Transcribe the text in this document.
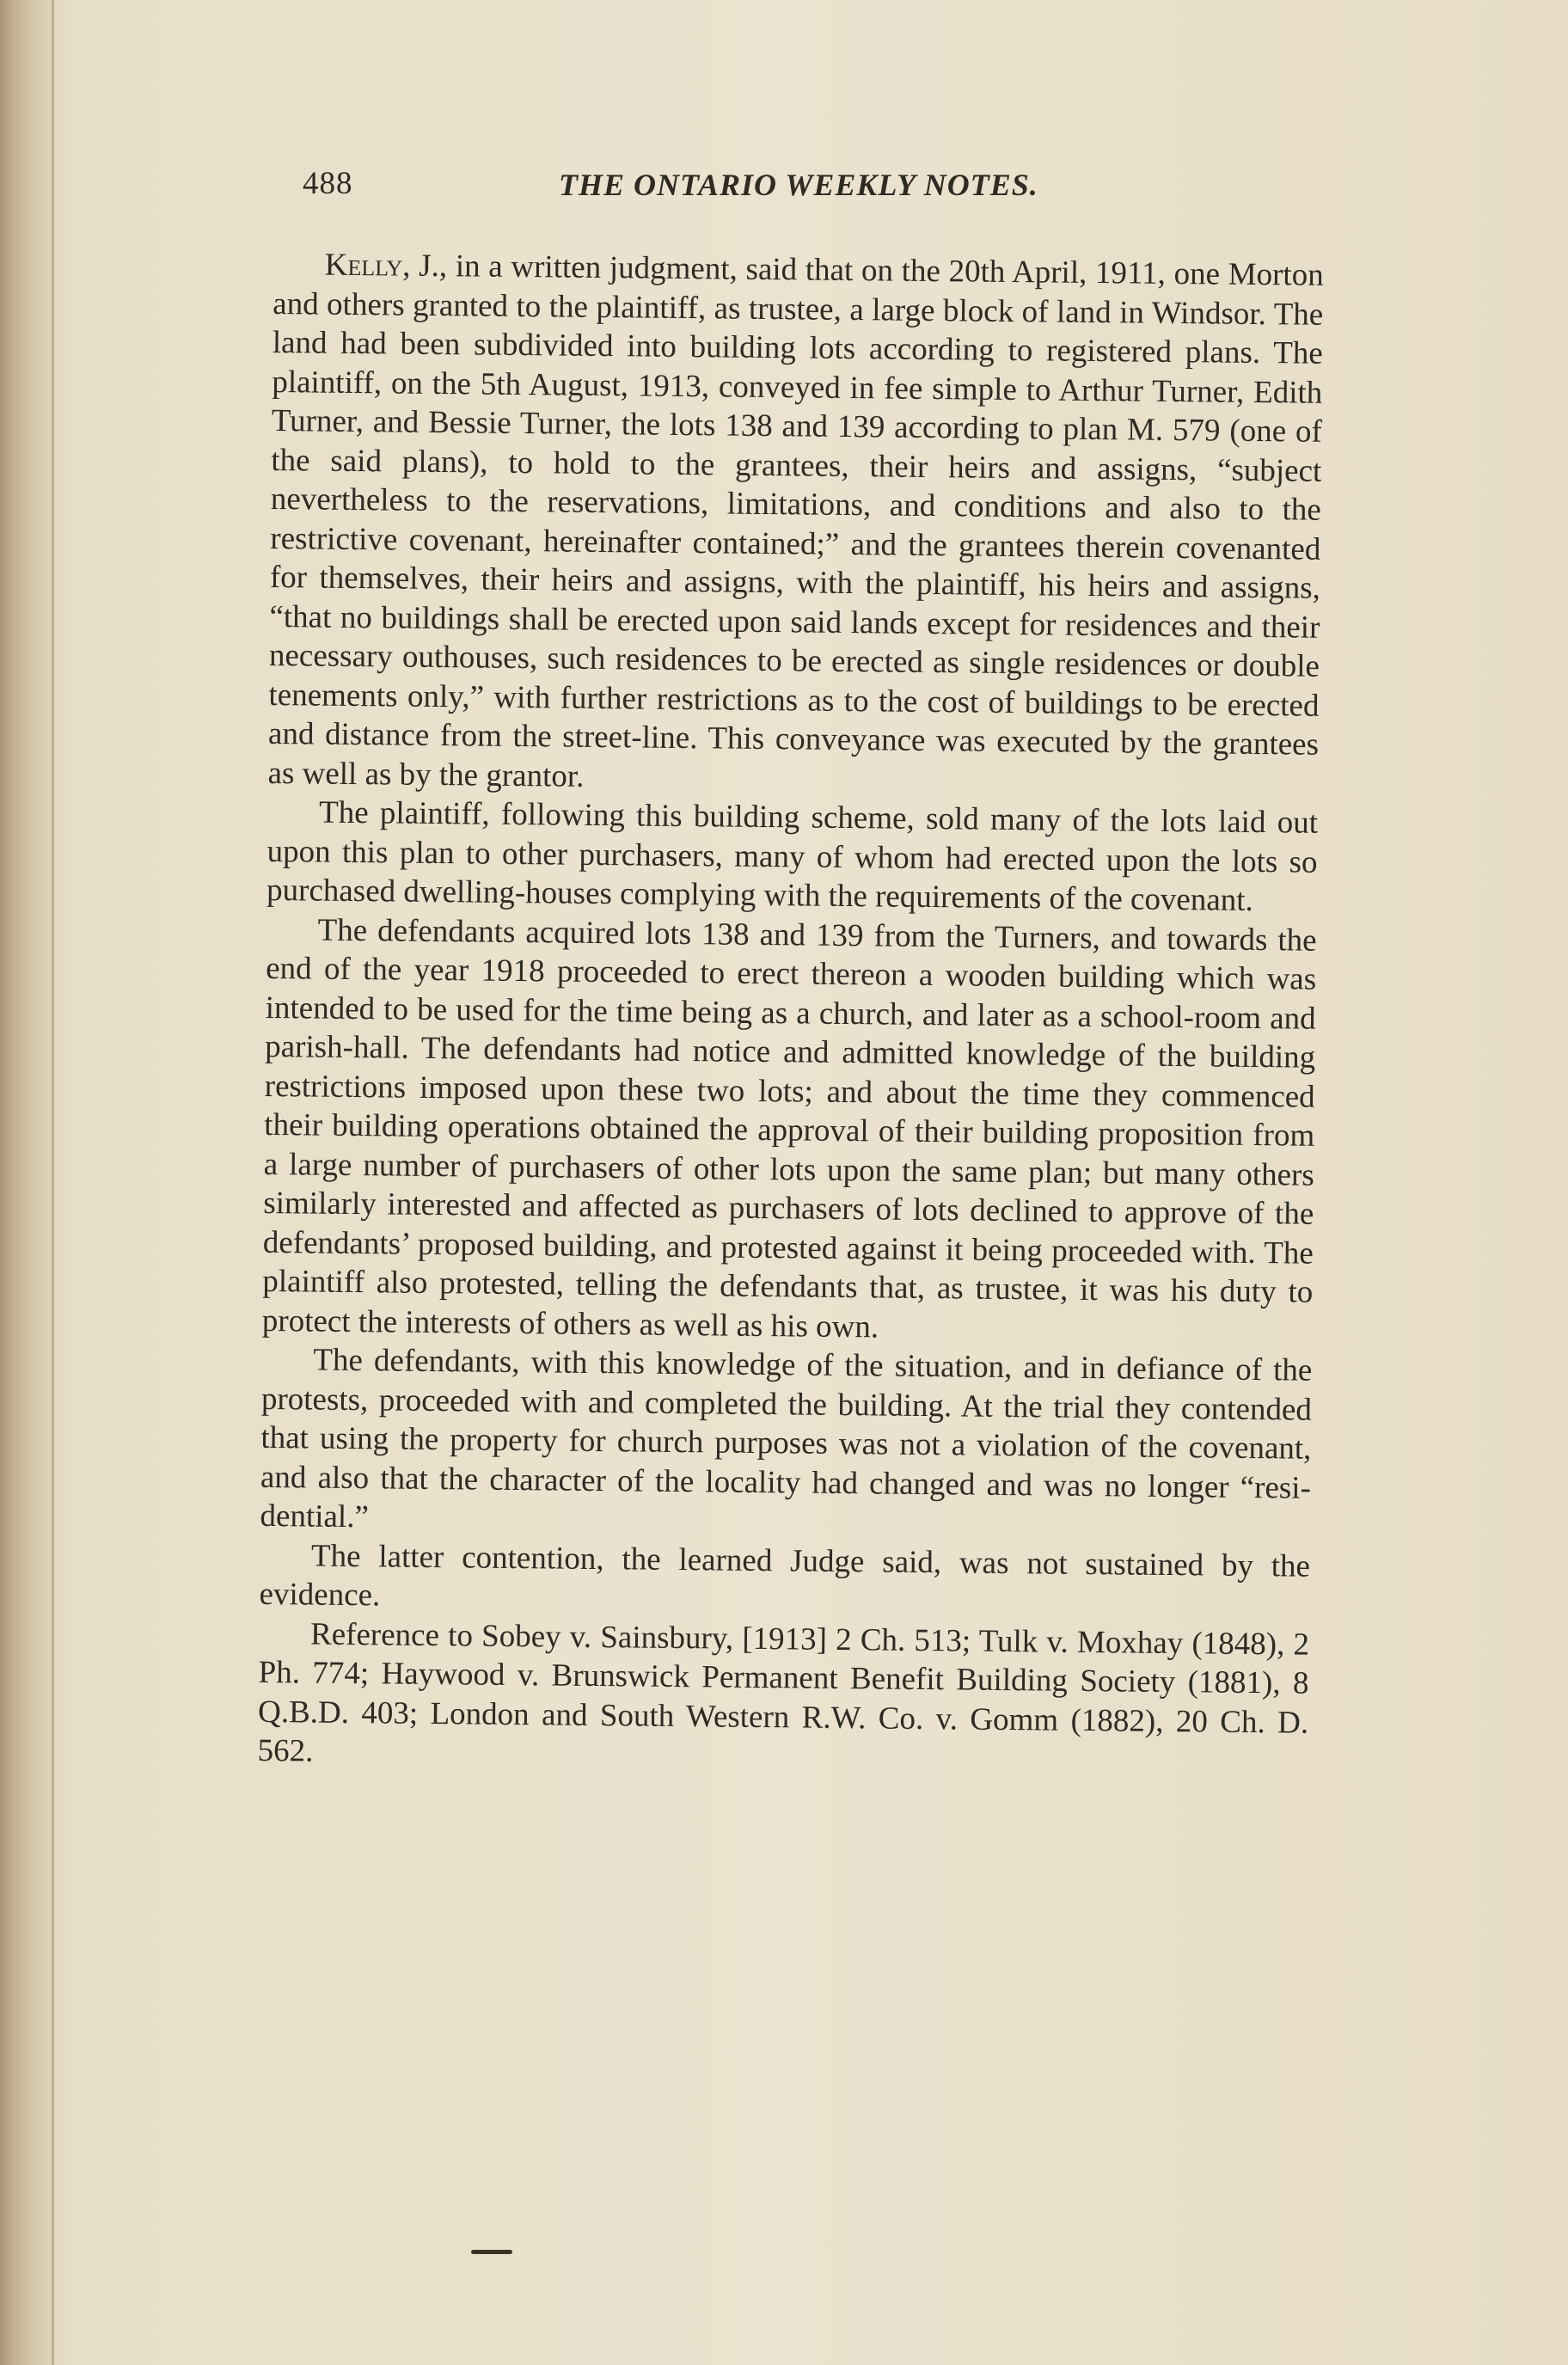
488	THE ONTARIO WEEKLY NOTES.

Kelly, J., in a written judgment, said that on the 20th April, 1911, one Morton and others granted to the plaintiff, as trustee, a large block of land in Windsor. The land had been subdivided into building lots according to registered plans. The plaintiff, on the 5th August, 1913, conveyed in fee simple to Arthur Turner, Edith Turner, and Bessie Turner, the lots 138 and 139 according to plan M. 579 (one of the said plans), to hold to the grantees, their heirs and assigns, “subject nevertheless to the reservations, limitations, and conditions and also to the restrictive covenant, hereinafter contained;” and the grantees therein covenanted for themselves, their heirs and assigns, with the plaintiff, his heirs and assigns, “that no buildings shall be erected upon said lands except for residences and their necessary outhouses, such residences to be erected as single residences or double tenements only,” with further restrictions as to the cost of buildings to be erected and distance from the street-line. This conveyance was executed by the grantees as well as by the grantor.

The plaintiff, following this building scheme, sold many of the lots laid out upon this plan to other purchasers, many of whom had erected upon the lots so purchased dwelling-houses complying with the requirements of the covenant.

The defendants acquired lots 138 and 139 from the Turners, and towards the end of the year 1918 proceeded to erect thereon a wooden building which was intended to be used for the time being as a church, and later as a school-room and parish-hall. The defendants had notice and admitted knowledge of the building restrictions imposed upon these two lots; and about the time they commenced their building operations obtained the approval of their building proposition from a large number of purchasers of other lots upon the same plan; but many others similarly interested and affected as purchasers of lots declined to approve of the defendants’ proposed building, and protested against it being proceeded with. The plaintiff also protested, telling the defendants that, as trustee, it was his duty to protect the interests of others as well as his own.

The defendants, with this knowledge of the situation, and in defiance of the protests, proceeded with and completed the building. At the trial they contended that using the property for church purposes was not a violation of the covenant, and also that the character of the locality had changed and was no longer “residential.”

The latter contention, the learned Judge said, was not sustained by the evidence.

Reference to Sobey v. Sainsbury, [1913] 2 Ch. 513; Tulk v. Moxhay (1848), 2 Ph. 774; Haywood v. Brunswick Permanent Benefit Building Society (1881), 8 Q.B.D. 403; London and South Western R.W. Co. v. Gomm (1882), 20 Ch. D. 562.
